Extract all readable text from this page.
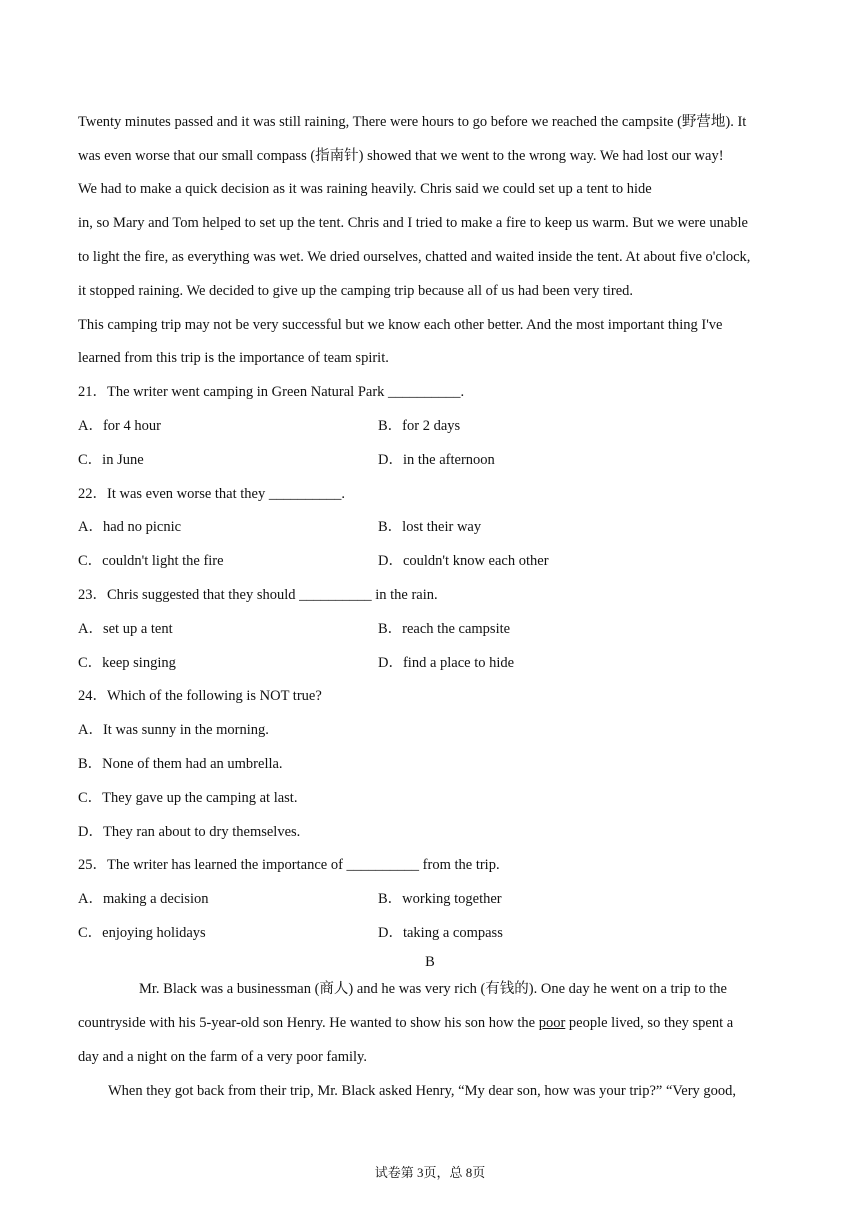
Twenty minutes passed and it was still raining, There were hours to go before we reached the campsite (野营地). It
was even worse that our small compass (指南针) showed that we went to the wrong way. We had lost our way!
We had to make a quick decision as it was raining heavily. Chris said we could set up a tent to hide
in, so Mary and Tom helped to set up the tent. Chris and I tried to make a fire to keep us warm. But we were unable
to light the fire, as everything was wet. We dried ourselves, chatted and waited inside the tent. At about five o'clock,
it stopped raining. We decided to give up the camping trip because all of us had been very tired.
This camping trip may not be very successful but we know each other better. And the most important thing I've
learned from this trip is the importance of team spirit.
21．The writer went camping in Green Natural Park __________.
A．for 4 hour	B．for 2 days
C．in June	D．in the afternoon
22．It was even worse that they __________.
A．had no picnic	B．lost their way
C．couldn't light the fire	D．couldn't know each other
23．Chris suggested that they should __________ in the rain.
A．set up a tent	B．reach the campsite
C．keep singing	D．find a place to hide
24．Which of the following is NOT true?
A．It was sunny in the morning.
B．None of them had an umbrella.
C．They gave up the camping at last.
D．They ran about to dry themselves.
25．The writer has learned the importance of __________ from the trip.
A．making a decision	B．working together
C．enjoying holidays	D．taking a compass
B
Mr. Black was a businessman (商人) and he was very rich (有钱的). One day he went on a trip to the
countryside with his 5-year-old son Henry. He wanted to show his son how the poor people lived, so they spent a
day and a night on the farm of a very poor family.
When they got back from their trip, Mr. Black asked Henry, “My dear son, how was your trip?” “Very good,
试卷第 3页，总 8页
